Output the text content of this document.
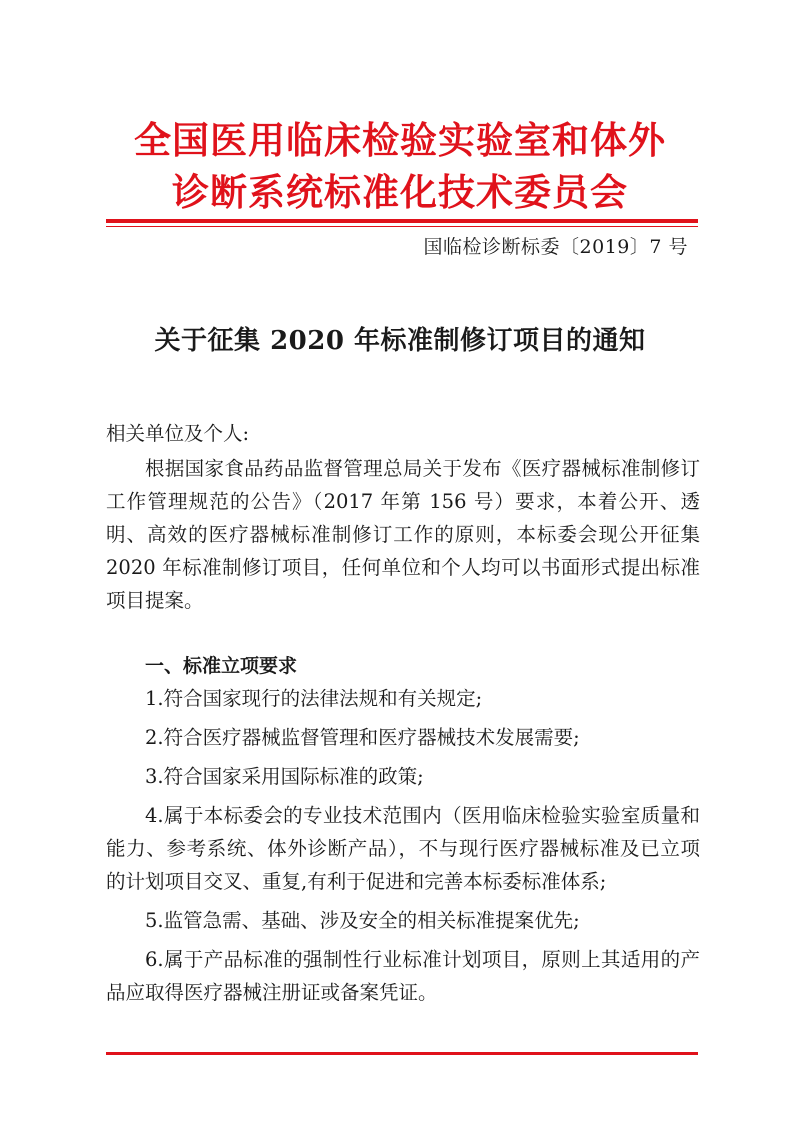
全国医用临床检验实验室和体外
诊断系统标准化技术委员会
国临检诊断标委〔2019〕7 号
关于征集 2020 年标准制修订项目的通知
相关单位及个人:
根据国家食品药品监督管理总局关于发布《医疗器械标准制修订工作管理规范的公告》（2017 年第 156 号）要求，本着公开、透明、高效的医疗器械标准制修订工作的原则，本标委会现公开征集 2020 年标准制修订项目，任何单位和个人均可以书面形式提出标准项目提案。
一、标准立项要求
1.符合国家现行的法律法规和有关规定;
2.符合医疗器械监督管理和医疗器械技术发展需要;
3.符合国家采用国际标准的政策;
4.属于本标委会的专业技术范围内（医用临床检验实验室质量和能力、参考系统、体外诊断产品），不与现行医疗器械标准及已立项的计划项目交叉、重复,有利于促进和完善本标委标准体系;
5.监管急需、基础、涉及安全的相关标准提案优先;
6.属于产品标准的强制性行业标准计划项目，原则上其适用的产品应取得医疗器械注册证或备案凭证。
